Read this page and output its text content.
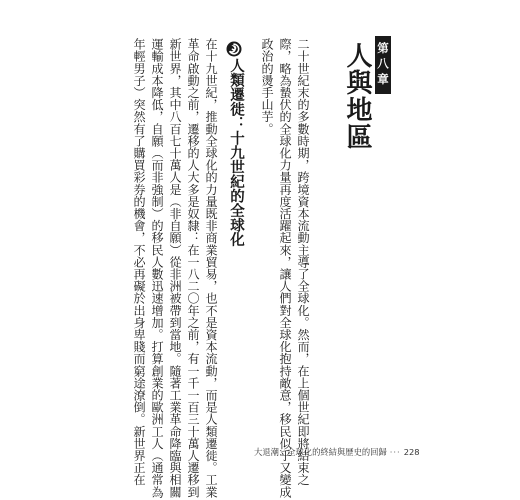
第八章
人與地區

二十世紀末的多數時期，跨境資本流動主導了全球化。然而，在上個世紀即將結束之

際，略為蟄伏的全球化力量再度活躍起來，讓人們對全球化抱持敵意，移民似乎又變成

政治的燙手山芋。

人類遷徙：十九世紀的全球化

在十九世紀，推動全球化的力量既非商業貿易，也不是資本流動，而是人類遷徙。工業

革命啟動之前，遷移的人大多是奴隸：在一八二〇年之前，有一千一百三十萬人遷移到

新世界，其中八百七十萬人是（非自願）從非洲被帶到當地。隨著工業革命降臨與相關

運輸成本降低，自願（而非強制）的移民人數迅速增加。打算創業的歐洲工人（通常為

年輕男子）突然有了購買彩券的機會，不必再礙於出身卑賤而窮途潦倒。新世界正在	大退潮：全球化的終結與歷史的回歸 ··· 228
